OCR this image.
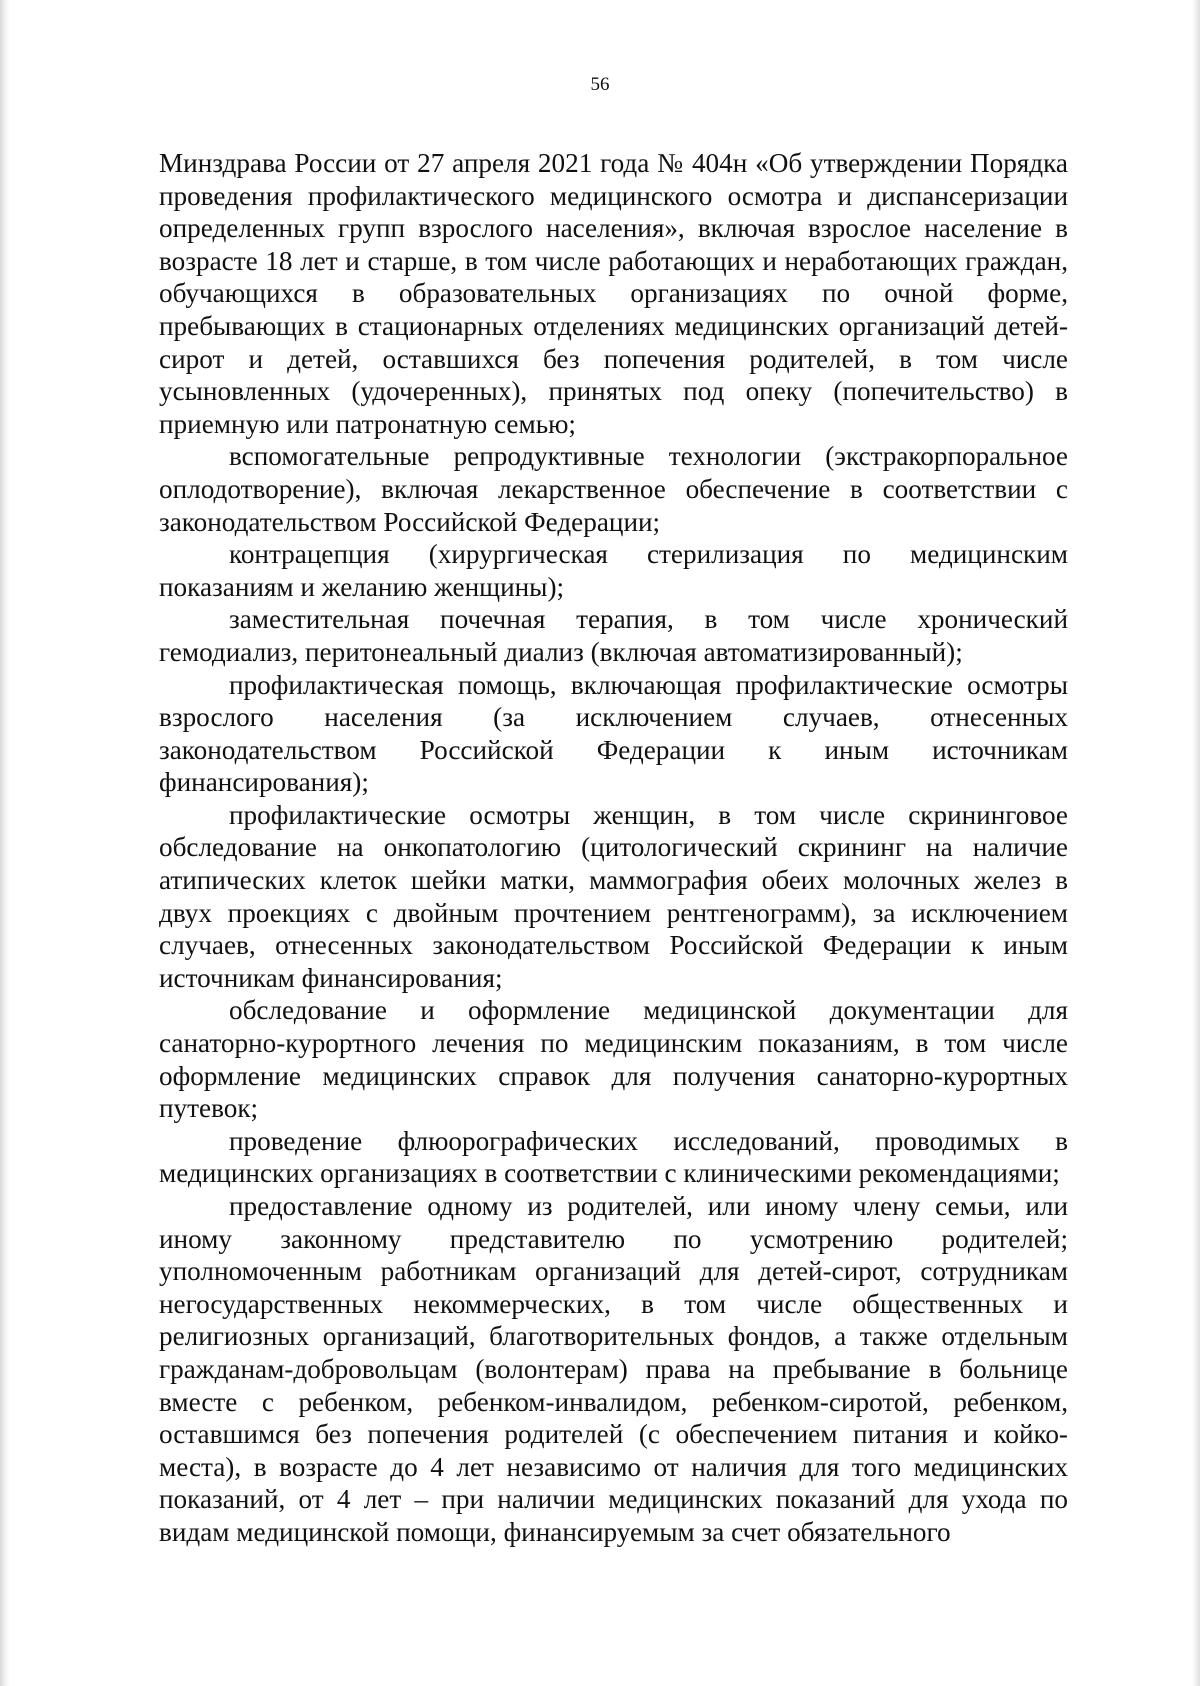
56

Минздрава России от 27 апреля 2021 года № 404н «Об утверждении Порядка проведения профилактического медицинского осмотра и диспансеризации определенных групп взрослого населения», включая взрослое население в возрасте 18 лет и старше, в том числе работающих и неработающих граждан, обучающихся в образовательных организациях по очной форме, пребывающих в стационарных отделениях медицинских организаций детей-сирот и детей, оставшихся без попечения родителей, в том числе усыновленных (удочеренных), принятых под опеку (попечительство) в приемную или патронатную семью;

вспомогательные репродуктивные технологии (экстракорпоральное оплодотворение), включая лекарственное обеспечение в соответствии с законодательством Российской Федерации;

контрацепция (хирургическая стерилизация по медицинским показаниям и желанию женщины);

заместительная почечная терапия, в том числе хронический гемодиализ, перитонеальный диализ (включая автоматизированный);

профилактическая помощь, включающая профилактические осмотры взрослого населения (за исключением случаев, отнесенных законодательством Российской Федерации к иным источникам финансирования);

профилактические осмотры женщин, в том числе скрининговое обследование на онкопатологию (цитологический скрининг на наличие атипических клеток шейки матки, маммография обеих молочных желез в двух проекциях с двойным прочтением рентгенограмм), за исключением случаев, отнесенных законодательством Российской Федерации к иным источникам финансирования;

обследование и оформление медицинской документации для санаторно-курортного лечения по медицинским показаниям, в том числе оформление медицинских справок для получения санаторно-курортных путевок;

проведение флюорографических исследований, проводимых в медицинских организациях в соответствии с клиническими рекомендациями;

предоставление одному из родителей, или иному члену семьи, или иному законному представителю по усмотрению родителей; уполномоченным работникам организаций для детей-сирот, сотрудникам негосударственных некоммерческих, в том числе общественных и религиозных организаций, благотворительных фондов, а также отдельным гражданам-добровольцам (волонтерам) права на пребывание в больнице вместе с ребенком, ребенком-инвалидом, ребенком-сиротой, ребенком, оставшимся без попечения родителей (с обеспечением питания и койко-места), в возрасте до 4 лет независимо от наличия для того медицинских показаний, от 4 лет – при наличии медицинских показаний для ухода по видам медицинской помощи, финансируемым за счет обязательного
